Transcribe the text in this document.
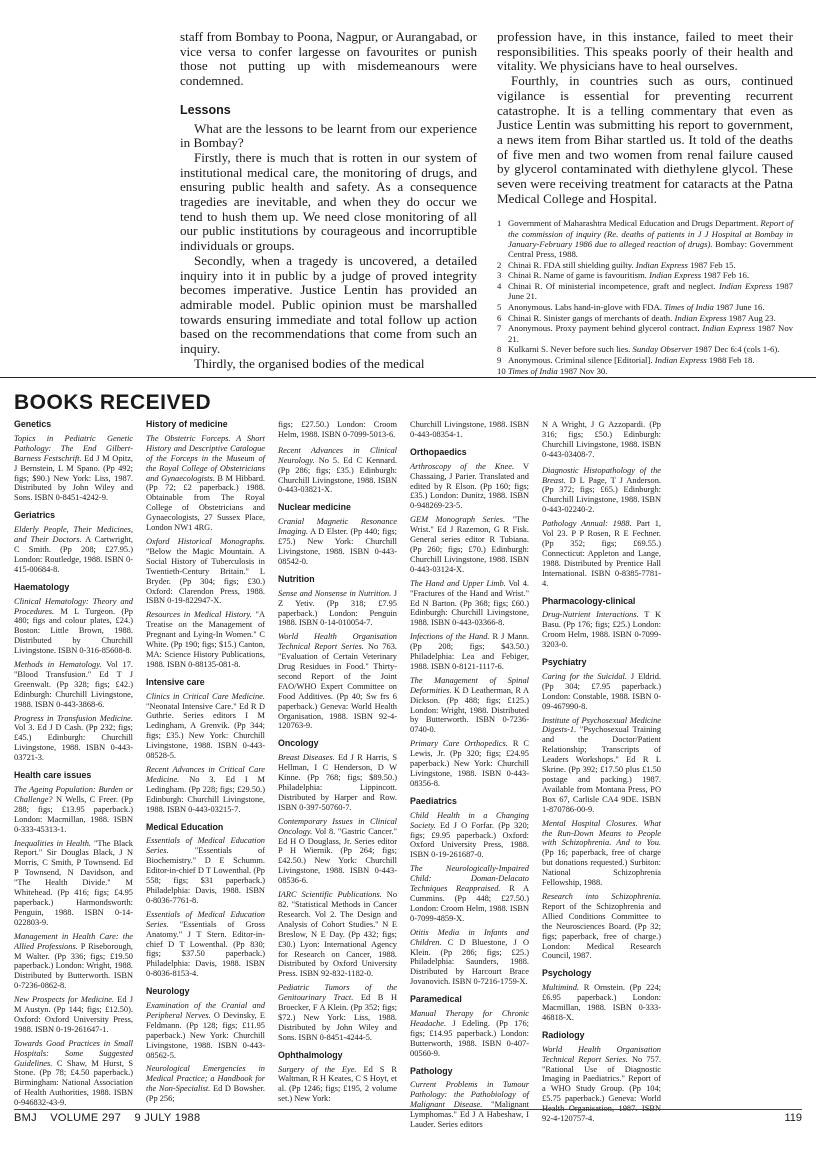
staff from Bombay to Poona, Nagpur, or Aurangabad, or vice versa to confer largesse on favourites or punish those not putting up with misdemeanours were condemned.

Lessons

What are the lessons to be learnt from our experience in Bombay?

Firstly, there is much that is rotten in our system of institutional medical care, the monitoring of drugs, and ensuring public health and safety. As a consequence tragedies are inevitable, and when they do occur we tend to hush them up. We need close monitoring of all our public institutions by courageous and incorruptible individuals or groups.

Secondly, when a tragedy is uncovered, a detailed inquiry into it in public by a judge of proved integrity becomes imperative. Justice Lentin has provided an admirable model. Public opinion must be marshalled towards ensuring immediate and total follow up action based on the recommendations that come from such an inquiry.

Thirdly, the organised bodies of the medical

profession have, in this instance, failed to meet their responsibilities. This speaks poorly of their health and vitality. We physicians have to heal ourselves.

Fourthly, in countries such as ours, continued vigilance is essential for preventing recurrent catastrophe. It is a telling commentary that even as Justice Lentin was submitting his report to government, a news item from Bihar startled us. It told of the deaths of five men and two women from renal failure caused by glycerol contaminated with diethylene glycol. These seven were receiving treatment for cataracts at the Patna Medical College and Hospital.

1 Government of Maharashtra Medical Education and Drugs Department. Report of the commission of inquiry (Re. deaths of patients in J J Hospital at Bombay in January-February 1986 due to alleged reaction of drugs). Bombay: Government Central Press, 1988.
2 Chinai R. FDA still shielding guilty. Indian Express 1987 Feb 15.
3 Chinai R. Name of game is favouritism. Indian Express 1987 Feb 16.
4 Chinai R. Of ministerial incompetence, graft and neglect. Indian Express 1987 June 21.
5 Anonymous. Labs hand-in-glove with FDA. Times of India 1987 June 16.
6 Chinai R. Sinister gangs of merchants of death. Indian Express 1987 Aug 23.
7 Anonymous. Proxy payment behind glycerol contract. Indian Express 1987 Nov 21.
8 Kulkarni S. Never before such lies. Sunday Observer 1987 Dec 6:4 (cols 1-6).
9 Anonymous. Criminal silence [Editorial]. Indian Express 1988 Feb 18.
10 Times of India 1987 Nov 30.
BOOKS RECEIVED
Genetics
Topics in Pediatric Genetic Pathology: The End Gilbert-Barness Festschrift. Ed J M Opitz, J Bernstein, L M Spano. (Pp 492; figs; $90.) New York: Liss, 1987. Distributed by John Wiley and Sons. ISBN 0-8451-4242-9.
Geriatrics
Elderly People, Their Medicines, and Their Doctors. A Cartwright, C Smith. (Pp 208; £27.95.) London: Routledge, 1988. ISBN 0-415-00684-8.
Haematology
Clinical Hematology: Theory and Procedures. M L Turgeon. (Pp 480; figs and colour plates, £24.) Boston: Little Brown, 1988. Distributed by Churchill Livingstone. ISBN 0-316-85608-8.
Methods in Hematology. Vol 17. "Blood Transfusion." Ed T J Greenwalt. (Pp 328; figs; £42.) Edinburgh: Churchill Livingstone, 1988. ISBN 0-443-3868-6.
Progress in Transfusion Medicine. Vol 3. Ed J D Cash. (Pp 232; figs; £45.) Edinburgh: Churchill Livingstone, 1988. ISBN 0-443-03721-3.
Health care issues
The Ageing Population: Burden or Challenge? N Wells, C Freer. (Pp 288; figs; £13.95 paperback.) London: Macmillan, 1988. ISBN 0-333-45313-1.
Inequalities in Health. "The Black Report." Sir Douglas Black, J N Morris, C Smith, P Townsend. Ed P Townsend, N Davidson, and "The Health Divide." M Whitehead. (Pp 416; figs; £4.95 paperback.) Harmondsworth: Penguin, 1988. ISBN 0-14-022803-9.
Management in Health Care: the Allied Professions. P Riseborough, M Walter. (Pp 336; figs; £19.50 paperback.) London: Wright, 1988. Distributed by Butterworth. ISBN 0-7236-0862-8.
New Prospects for Medicine. Ed J M Austyn. (Pp 144; figs; £12.50). Oxford: Oxford University Press, 1988. ISBN 0-19-261647-1.
Towards Good Practices in Small Hospitals: Some Suggested Guidelines. C Shaw, M Hurst, S Stone. (Pp 78; £4.50 paperback.) Birmingham: National Association of Health Authorities, 1988. ISBN 0-946832-43-9.
History of medicine
The Obstetric Forceps. A Short History and Descriptive Catalogue of the Forceps in the Museum of the Royal College of Obstetricians and Gynaecologists. B M Hibbard. (Pp 72; £2 paperback.) 1988. Obtainable from The Royal College of Obstetricians and Gynaecologists, 27 Sussex Place, London NW1 4RG.
Oxford Historical Monographs. "Below the Magic Mountain. A Social History of Tuberculosis in Twentieth-Century Britain." L Bryder. (Pp 304; figs; £30.) Oxford: Clarendon Press, 1988. ISBN 0-19-822947-X.
Resources in Medical History. "A Treatise on the Management of Pregnant and Lying-In Women." C White. (Pp 190; figs; $15.) Canton, MA: Science History Publications, 1988. ISBN 0-88135-081-8.
Intensive care
Clinics in Critical Care Medicine. "Neonatal Intensive Care." Ed R D Guthrie. Series editors I M Ledingham, A Grenvik. (Pp 344; figs; £35.) New York: Churchill Livingstone, 1988. ISBN 0-443-08528-5.
Recent Advances in Critical Care Medicine. No 3. Ed I M Ledingham. (Pp 228; figs; £29.50.) Edinburgh: Churchill Livingstone, 1988. ISBN 0-443-03215-7.
Medical Education
Essentials of Medical Education Series.	"Essentials of Biochemistry." D E Schumm. Editor-in-chief D T Lowenthal. (Pp 558; figs; $31 paperback.) Philadelphia: Davis, 1988. ISBN 0-8036-7761-8.
Essentials of Medical Education Series. "Essentials of Gross Anatomy." J T Stern. Editor-in-chief D T Lowenthal. (Pp 830; figs; $37.50 paperback.) Philadelphia: Davis, 1988. ISBN 0-8036-8153-4.
Neurology
Examination of the Cranial and Peripheral Nerves. O Devinsky, E Feldmann. (Pp 128; figs; £11.95 paperback.) New York: Churchill Livingstone, 1988. ISBN 0-443-08562-5.
Neurological Emergencies in Medical Practice; a Handbook for the Non-Specialist. Ed D Bowsher. (Pp 256;
figs; £27.50.) London: Croom Helm, 1988. ISBN 0-7099-5013-6.
Recent Advances in Clinical Neurology. No 5. Ed C Kennard. (Pp 286; figs; £35.) Edinburgh: Churchill Livingstone, 1988. ISBN 0-443-03821-X.
Nuclear medicine
Cranial Magnetic Resonance Imaging. A D Elster. (Pp 440; figs; £75.) New York: Churchill Livingstone, 1988. ISBN 0-443-08542-0.
Nutrition
Sense and Nonsense in Nutrition. J Z Yetiv. (Pp 318; £7.95 paperback.) London: Penguin 1988. ISBN 0-14-010054-7.
World Health Organisation Technical Report Series. No 763. "Evaluation of Certain Veterinary Drug Residues in Food." Thirty-second Report of the Joint FAO/WHO Expert Committee on Food Additives. (Pp 40; Sw frs 6 paperback.) Geneva: World Health Organisation, 1988. ISBN 92-4-120763-9.
Oncology
Breast Diseases. Ed J R Harris, S Hellman, I C Henderson, D W Kinne. (Pp 768; figs; $89.50.) Philadelphia: Lippincott. Distributed by Harper and Row. ISBN 0-397-50760-7.
Contemporary Issues in Clinical Oncology. Vol 8. "Gastric Cancer." Ed H O Douglass, Jr. Series editor P H Wiernik. (Pp 264; figs; £42.50.) New York: Churchill Livingstone, 1988. ISBN 0-443-08536-6.
IARC Scientific Publications. No 82. "Statistical Methods in Cancer Research. Vol 2. The Design and Analysis of Cohort Studies." N E Breslow, N E Day. (Pp 432; figs; £30.) Lyon: International Agency for Research on Cancer, 1988. Distributed by Oxford University Press. ISBN 92-832-1182-0.
Pediatric Tumors of the Genitourinary Tract. Ed B H Broecker, F A Klein. (Pp 352; figs; $72.) New York: Liss, 1988. Distributed by John Wiley and Sons. ISBN 0-8451-4244-5.
Ophthalmology
Surgery of the Eye. Ed S R Waltman, R H Keates, C S Hoyt, et al. (Pp 1246; figs; £195, 2 volume set.) New York:
Churchill Livingstone, 1988. ISBN 0-443-08354-1.
Orthopaedics
Arthroscopy of the Knee. V Chassaing, J Parier. Translated and edited by R Elson. (Pp 160; figs; £35.) London: Dunitz, 1988. ISBN 0-948269-23-5.
GEM Monograph Series. "The Wrist." Ed J Razemon, G R Fisk. General series editor R Tubiana. (Pp 260; figs; £70.) Edinburgh: Churchill Livingstone, 1988. ISBN 0-443-03124-X.
The Hand and Upper Limb. Vol 4. "Fractures of the Hand and Wrist." Ed N Barton. (Pp 368; figs; £60.) Edinburgh: Churchill Livingstone, 1988. ISBN 0-443-03366-8.
Infections of the Hand. R J Mann. (Pp 208; figs; $43.50.) Philadelphia: Lea and Febiger, 1988. ISBN 0-8121-1117-6.
The Management of Spinal Deformities. K D Leatherman, R A Dickson. (Pp 488; figs; £125.) London: Wright, 1988. Distributed by Butterworth. ISBN 0-7236-0740-0.
Primary Care Orthopedics. R C Lewis, Jr. (Pp 320; figs; £24.95 paperback.) New York: Churchill Livingstone, 1988. ISBN 0-443-08356-8.
Paediatrics
Child Health in a Changing Society. Ed J O Forfar. (Pp 320; figs; £9.95 paperback.) Oxford: Oxford University Press, 1988. ISBN 0-19-261687-0.
The Neurologically-Impaired Child: Doman-Delacato Techniques Reappraised. R A Cummins. (Pp 448; £27.50.) London: Croom Helm, 1988. ISBN 0-7099-4859-X.
Otitis Media in Infants and Children. C D Bluestone, J O Klein. (Pp 286; figs; £25.) Philadelphia: Saunders, 1988. Distributed by Harcourt Brace Jovanovich. ISBN 0-7216-1759-X.
Paramedical
Manual Therapy for Chronic Headache. J Edeling. (Pp 176; figs; £14.95 paperback.) London: Butterworth, 1988. ISBN 0-407-00560-9.
Pathology
Current Problems in Tumour Pathology: the Pathobiology of Malignant Disease. "Malignant Lymphomas." Ed J A Habeshaw, I Lauder. Series editors
N A Wright, J G Azzopardi. (Pp 316; figs; £50.) Edinburgh: Churchill Livingstone, 1988. ISBN 0-443-03408-7.
Diagnostic Histopathology of the Breast. D L Page, T J Anderson. (Pp 372; figs; £65.) Edinburgh: Churchill Livingstone, 1988. ISBN 0-443-02240-2.
Pathology Annual: 1988. Part 1, Vol 23. P P Rosen, R E Fechner. (Pp 352; figs; £69.55.) Connecticut: Appleton and Lange, 1988. Distributed by Prentice Hall International. ISBN 0-8385-7781-4.
Pharmacology-clinical
Drug-Nutrient Interactions. T K Basu. (Pp 176; figs; £25.) London: Croom Helm, 1988. ISBN 0-7099-3203-0.
Psychiatry
Caring for the Suicidal. J Eldrid. (Pp 304; £7.95 paperback.) London: Constable, 1988. ISBN 0-09-467990-8.
Institute of Psychosexual Medicine Digests-1. "Psychosexual Training and the Doctor/Patient Relationship; Transcripts of Leaders Workshops." Ed R L Skrine. (Pp 392; £17.50 plus £1.50 postage and packing.) 1987. Available from Montana Press, PO Box 67, Carlisle CA4 9DE. ISBN 1-870786-00-9.
Mental Hospital Closures. What the Run-Down Means to People with Schizophrenia. And to You. (Pp 16; paperback, free of charge but donations requested.) Surbiton: National Schizophrenia Fellowship, 1988.
Research into Schizophrenia. Report of the Schizophrenia and Allied Conditions Committee to the Neurosciences Board. (Pp 32; figs; paperback, free of charge.) London: Medical Research Council, 1987.
Psychology
Multimind. R Ornstein. (Pp 224; £6.95 paperback.) London: Macmillan, 1988. ISBN 0-333-46818-X.
Radiology
World Health Organisation Technical Report Series. No 757. "Rational Use of Diagnostic Imaging in Paediatrics." Report of a WHO Study Group. (Pp 104; £5.75 paperback.) Geneva: World Health Organisation, 1987. ISBN 92-4-120757-4.
BMJ VOLUME 297 9 JULY 1988	119
